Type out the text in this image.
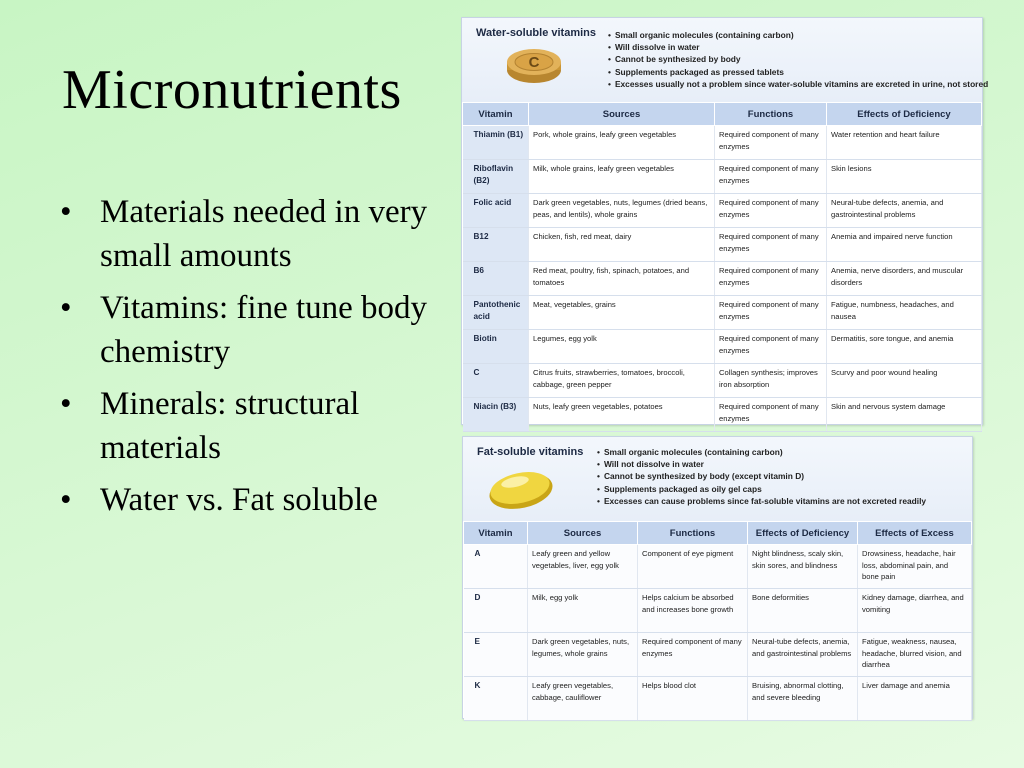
Micronutrients
• Materials needed in very small amounts
• Vitamins: fine tune body chemistry
• Minerals: structural materials
• Water vs. Fat soluble
Water-soluble vitamins
C
• Small organic molecules (containing carbon)
• Will dissolve in water
• Cannot be synthesized by body
• Supplements packaged as pressed tablets
• Excesses usually not a problem since water-soluble vitamins are excreted in urine, not stored
Vitamin	Sources	Functions	Effects of Deficiency
Thiamin (B1)	Pork, whole grains, leafy green vegetables	Required component of many enzymes	Water retention and heart failure
Riboflavin (B2)	Milk, whole grains, leafy green vegetables	Required component of many enzymes	Skin lesions
Folic acid	Dark green vegetables, nuts, legumes (dried beans, peas, and lentils), whole grains	Required component of many enzymes	Neural-tube defects, anemia, and gastrointestinal problems
B12	Chicken, fish, red meat, dairy	Required component of many enzymes	Anemia and impaired nerve function
B6	Red meat, poultry, fish, spinach, potatoes, and tomatoes	Required component of many enzymes	Anemia, nerve disorders, and muscular disorders
Pantothenic acid	Meat, vegetables, grains	Required component of many enzymes	Fatigue, numbness, headaches, and nausea
Biotin	Legumes, egg yolk	Required component of many enzymes	Dermatitis, sore tongue, and anemia
C	Citrus fruits, strawberries, tomatoes, broccoli, cabbage, green pepper	Collagen synthesis; improves iron absorption	Scurvy and poor wound healing
Niacin (B3)	Nuts, leafy green vegetables, potatoes	Required component of many enzymes	Skin and nervous system damage
Fat-soluble vitamins	• Small organic molecules (containing carbon)
• Will not dissolve in water
• Cannot be synthesized by body (except vitamin D)
• Supplements packaged as oily gel caps
• Excesses can cause problems since fat-soluble vitamins are not excreted readily
Vitamin	Sources	Functions	Effects of Deficiency	Effects of Excess
A	Leafy green and yellow vegetables, liver, egg yolk	Component of eye pigment	Night blindness, scaly skin, skin sores, and blindness	Drowsiness, headache, hair loss, abdominal pain, and bone pain
D	Milk, egg yolk	Helps calcium be absorbed and increases bone growth	Bone deformities	Kidney damage, diarrhea, and vomiting
E	Dark green vegetables, nuts, legumes, whole grains	Required component of many enzymes	Neural-tube defects, anemia, and gastrointestinal problems	Fatigue, weakness, nausea, headache, blurred vision, and diarrhea
K	Leafy green vegetables, cabbage, cauliflower	Helps blood clot	Bruising, abnormal clotting, and severe bleeding	Liver damage and anemia
